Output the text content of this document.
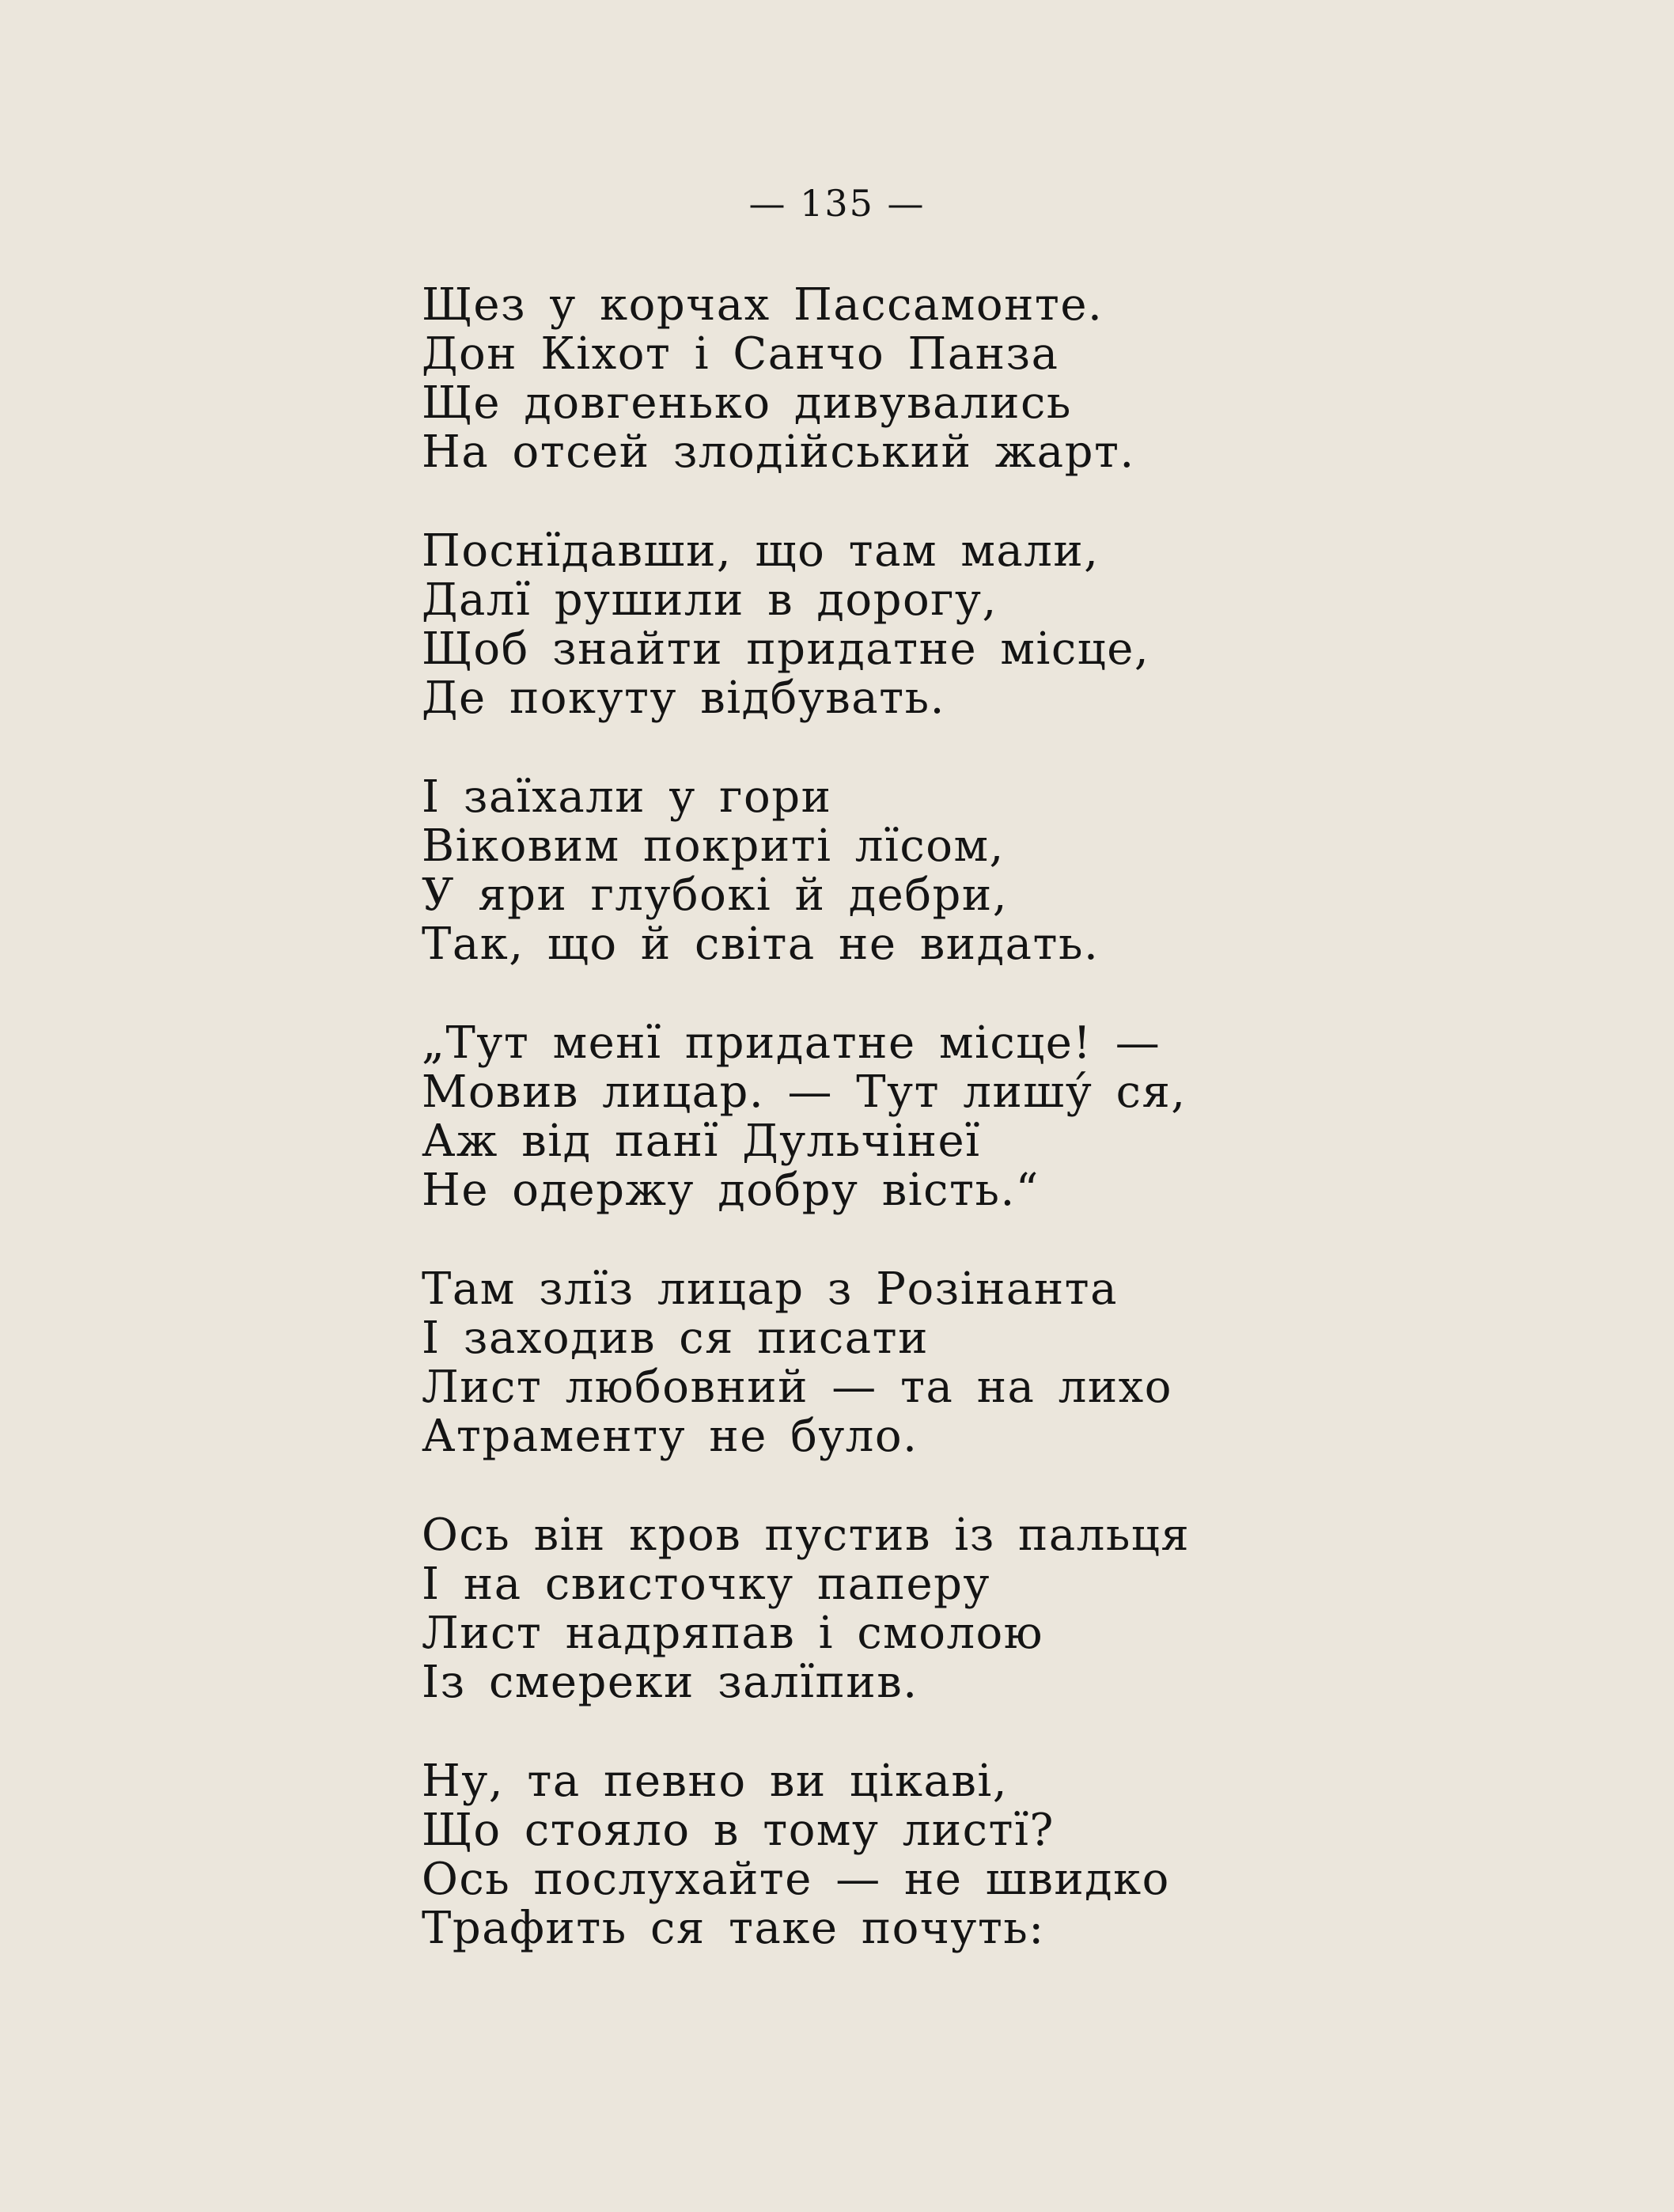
— 135 —
Щез у корчах Пассамонте.
Дон Кіхот і Санчо Панза
Ще довгенько дивувались
На отсей злодійський жарт.
Поснїдавши, що там мали,
Далї рушили в дорогу,
Щоб знайти придатне місце,
Де покуту відбувать.
І заїхали у гори
Віковим покриті лїсом,
У яри глубокі й дебри,
Так, що й світа не видать.
„Тут менї придатне місце! —
Мовив лицар. — Тут лишу́ ся,
Аж від панї Дульчінеї
Не одержу добру вість.“
Там злїз лицар з Розінанта
І заходив ся писати
Лист любовний — та на лихо
Атраменту не було.
Ось він кров пустив із пальця
І на свисточку паперу
Лист надряпав і смолою
Із смереки залїпив.
Ну, та певно ви цікаві,
Що стояло в тому листї?
Ось послухайте — не швидко
Трафить ся таке почуть:
